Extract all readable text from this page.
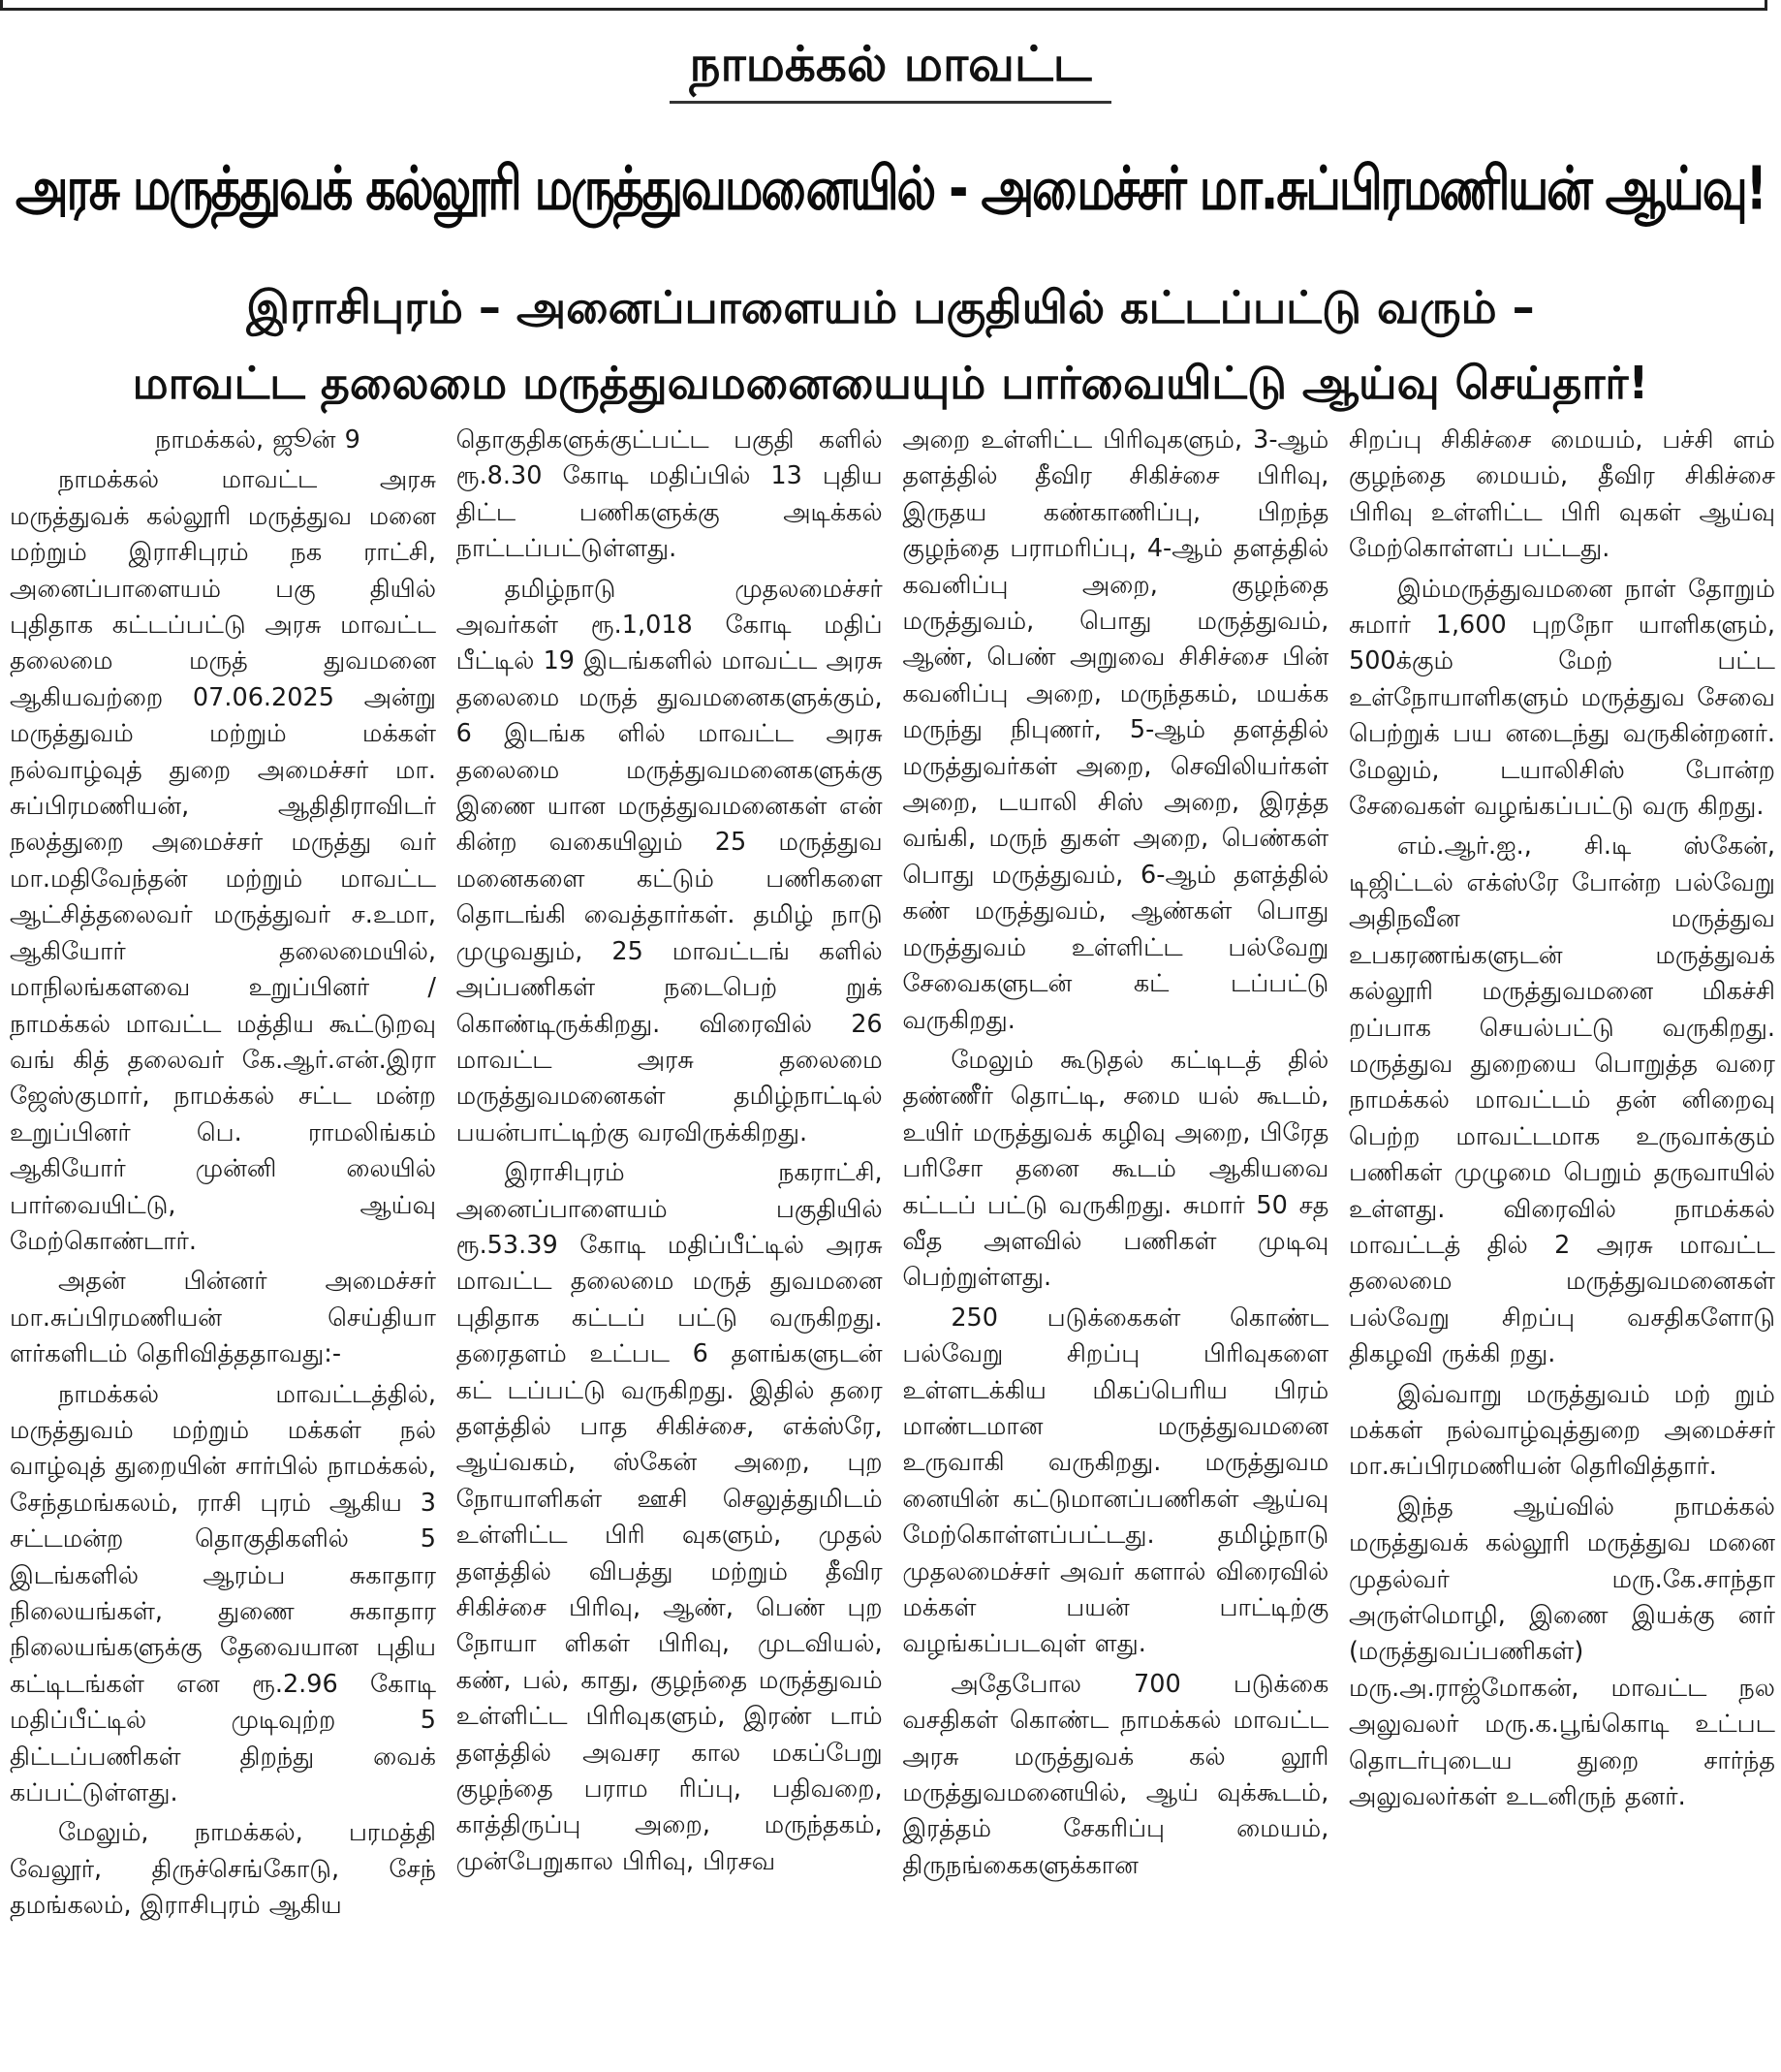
நாமக்கல் மாவட்ட
அரசு மருத்துவக் கல்லூரி மருத்துவமனையில் - அமைச்சர் மா.சுப்பிரமணியன் ஆய்வு!
இராசிபுரம் – அனைப்பாளையம் பகுதியில் கட்டப்பட்டு வரும் –
மாவட்ட தலைமை மருத்துவமனையையும் பார்வையிட்டு ஆய்வு செய்தார்!

நாமக்கல், ஜூன் 9

நாமக்கல் மாவட்ட அரசு மருத்துவக் கல்லூரி மருத்துவ மனை மற்றும் இராசிபுரம் நக ராட்சி, அனைப்பாளையம் பகு தியில் புதிதாக கட்டப்பட்டு அரசு மாவட்ட தலைமை மருத் துவமனை ஆகியவற்றை 07.06.2025 அன்று மருத்துவம் மற்றும் மக்கள் நல்வாழ்வுத் துறை அமைச்சர் மா. சுப்பிரமணியன், ஆதிதிராவிடர் நலத்துறை அமைச்சர் மருத்து வர் மா.மதிவேந்தன் மற்றும் மாவட்ட ஆட்சித்தலைவர் மருத்துவர் ச.உமா, ஆகியோர் தலைமையில், மாநிலங்களவை உறுப்பினர் / நாமக்கல் மாவட்ட மத்திய கூட்டுறவு வங் கித் தலைவர் கே.ஆர்.என்.இரா ஜேஸ்குமார், நாமக்கல் சட்ட மன்ற உறுப்பினர் பெ. ராமலிங்கம் ஆகியோர் முன்னி லையில் பார்வையிட்டு, ஆய்வு மேற்கொண்டார்.

அதன் பின்னர் அமைச்சர் மா.சுப்பிரமணியன் செய்தியா ளர்களிடம் தெரிவித்ததாவது:-

நாமக்கல் மாவட்டத்தில், மருத்துவம் மற்றும் மக்கள் நல் வாழ்வுத் துறையின் சார்பில் நாமக்கல், சேந்தமங்கலம், ராசி புரம் ஆகிய 3 சட்டமன்ற தொகுதிகளில் 5 இடங்களில் ஆரம்ப சுகாதார நிலையங்கள், துணை சுகாதார நிலையங்களுக்கு தேவையான புதிய கட்டிடங்கள் என ரூ.2.96 கோடி மதிப்பீட்டில் முடிவுற்ற 5 திட்டப்பணிகள் திறந்து வைக் கப்பட்டுள்ளது.

மேலும், நாமக்கல், பரமத்தி வேலூர், திருச்செங்கோடு, சேந் தமங்கலம், இராசிபுரம் ஆகிய

தொகுதிகளுக்குட்பட்ட பகுதி களில் ரூ.8.30 கோடி மதிப்பில் 13 புதிய திட்ட பணிகளுக்கு அடிக்கல் நாட்டப்பட்டுள்ளது.

தமிழ்நாடு முதலமைச்சர் அவர்கள் ரூ.1,018 கோடி மதிப் பீட்டில் 19 இடங்களில் மாவட்ட அரசு தலைமை மருத் துவமனைகளுக்கும், 6 இடங்க ளில் மாவட்ட அரசு தலைமை மருத்துவமனைகளுக்கு இணை யான மருத்துவமனைகள் என் கின்ற வகையிலும் 25 மருத்துவ மனைகளை கட்டும் பணிகளை தொடங்கி வைத்தார்கள். தமிழ் நாடு முழுவதும், 25 மாவட்டங் களில் அப்பணிகள் நடைபெற் றுக் கொண்டிருக்கிறது. விரைவில் 26 மாவட்ட அரசு தலைமை மருத்துவமனைகள் தமிழ்நாட்டில் பயன்பாட்டிற்கு வரவிருக்கிறது.

இராசிபுரம் நகராட்சி, அனைப்பாளையம் பகுதியில் ரூ.53.39 கோடி மதிப்பீட்டில் அரசு மாவட்ட தலைமை மருத் துவமனை புதிதாக கட்டப் பட்டு வருகிறது. தரைதளம் உட்பட 6 தளங்களுடன் கட் டப்பட்டு வருகிறது. இதில் தரை தளத்தில் பாத சிகிச்சை, எக்ஸ்ரே, ஆய்வகம், ஸ்கேன் அறை, புற நோயாளிகள் ஊசி செலுத்துமிடம் உள்ளிட்ட பிரி வுகளும், முதல் தளத்தில் விபத்து மற்றும் தீவிர சிகிச்சை பிரிவு, ஆண், பெண் புற நோயா ளிகள் பிரிவு, முடவியல், கண், பல், காது, குழந்தை மருத்துவம் உள்ளிட்ட பிரிவுகளும், இரண் டாம் தளத்தில் அவசர கால மகப்பேறு குழந்தை பராம ரிப்பு, பதிவறை, காத்திருப்பு அறை, மருந்தகம், முன்பேறுகால பிரிவு, பிரசவ

அறை உள்ளிட்ட பிரிவுகளும், 3-ஆம் தளத்தில் தீவிர சிகிச்சை பிரிவு, இருதய கண்காணிப்பு, பிறந்த குழந்தை பராமரிப்பு, 4-ஆம் தளத்தில் கவனிப்பு அறை, குழந்தை மருத்துவம், பொது மருத்துவம், ஆண், பெண் அறுவை சிசிச்சை பின் கவனிப்பு அறை, மருந்தகம், மயக்க மருந்து நிபுணர், 5-ஆம் தளத்தில் மருத்துவர்கள் அறை, செவிலியர்கள் அறை, டயாலி சிஸ் அறை, இரத்த வங்கி, மருந் துகள் அறை, பெண்கள் பொது மருத்துவம், 6-ஆம் தளத்தில் கண் மருத்துவம், ஆண்கள் பொது மருத்துவம் உள்ளிட்ட பல்வேறு சேவைகளுடன் கட் டப்பட்டு வருகிறது.

மேலும் கூடுதல் கட்டிடத் தில் தண்ணீர் தொட்டி, சமை யல் கூடம், உயிர் மருத்துவக் கழிவு அறை, பிரேத பரிசோ தனை கூடம் ஆகியவை கட்டப் பட்டு வருகிறது. சுமார் 50 சத வீத அளவில் பணிகள் முடிவு பெற்றுள்ளது.

250 படுக்கைகள் கொண்ட பல்வேறு சிறப்பு பிரிவுகளை உள்ளடக்கிய மிகப்பெரிய பிரம் மாண்டமான மருத்துவமனை உருவாகி வருகிறது. மருத்துவம னையின் கட்டுமானப்பணிகள் ஆய்வு மேற்கொள்ளப்பட்டது. தமிழ்நாடு முதலமைச்சர் அவர் களால் விரைவில் மக்கள் பயன் பாட்டிற்கு வழங்கப்படவுள் ளது.

அதேபோல 700 படுக்கை வசதிகள் கொண்ட நாமக்கல் மாவட்ட அரசு மருத்துவக் கல் லூரி மருத்துவமனையில், ஆய் வுக்கூடம், இரத்தம் சேகரிப்பு மையம், திருநங்கைகளுக்கான

சிறப்பு சிகிச்சை மையம், பச்சி ளம் குழந்தை மையம், தீவிர சிகிச்சை பிரிவு உள்ளிட்ட பிரி வுகள் ஆய்வு மேற்கொள்ளப் பட்டது.

இம்மருத்துவமனை நாள் தோறும் சுமார் 1,600 புறநோ யாளிகளும், 500க்கும் மேற் பட்ட உள்நோயாளிகளும் மருத்துவ சேவை பெற்றுக் பய னடைந்து வருகின்றனர். மேலும், டயாலிசிஸ் போன்ற சேவைகள் வழங்கப்பட்டு வரு கிறது.

எம்.ஆர்.ஐ., சி.டி ஸ்கேன், டிஜிட்டல் எக்ஸ்ரே போன்ற பல்வேறு அதிநவீன மருத்துவ உபகரணங்களுடன் மருத்துவக் கல்லூரி மருத்துவமனை மிகச்சி றப்பாக செயல்பட்டு வருகிறது. மருத்துவ துறையை பொறுத்த வரை நாமக்கல் மாவட்டம் தன் னிறைவு பெற்ற மாவட்டமாக உருவாக்கும் பணிகள் முழுமை பெறும் தருவாயில் உள்ளது. விரைவில் நாமக்கல் மாவட்டத் தில் 2 அரசு மாவட்ட தலைமை மருத்துவமனைகள் பல்வேறு சிறப்பு வசதிகளோடு திகழவி ருக்கி றது.

இவ்வாறு மருத்துவம் மற் றும் மக்கள் நல்வாழ்வுத்துறை அமைச்சர் மா.சுப்பிரமணியன் தெரிவித்தார்.

இந்த ஆய்வில் நாமக்கல் மருத்துவக் கல்லூரி மருத்துவ மனை முதல்வர் மரு.கே.சாந்தா அருள்மொழி, இணை இயக்கு னர் (மருத்துவப்பணிகள்) மரு.அ.ராஜ்மோகன், மாவட்ட நல அலுவலர் மரு.க.பூங்கொடி உட்பட தொடர்புடைய துறை சார்ந்த அலுவலர்கள் உடனிருந் தனர்.
